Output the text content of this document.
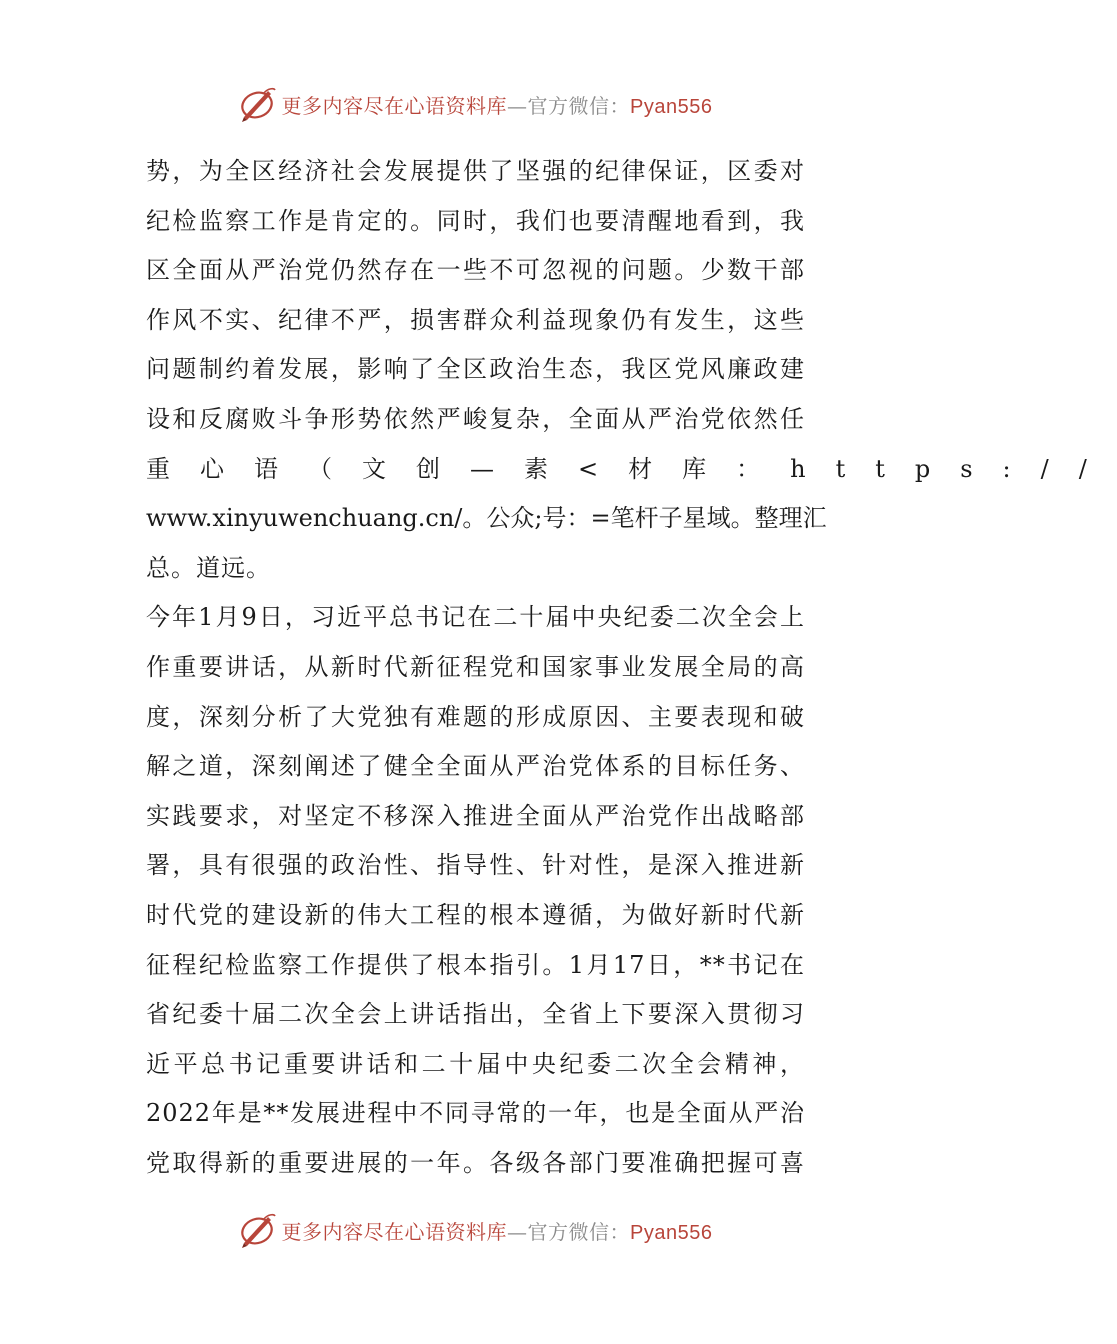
更多内容尽在心语资料库—官方微信：Pyan556
势，为全区经济社会发展提供了坚强的纪律保证，区委对
纪检监察工作是肯定的。同时，我们也要清醒地看到，我
区全面从严治党仍然存在一些不可忽视的问题。少数干部
作风不实、纪律不严，损害群众利益现象仍有发生，这些
问题制约着发展，影响了全区政治生态，我区党风廉政建
设和反腐败斗争形势依然严峻复杂，全面从严治党依然任
重心语（文创—素<材库：https://
www.xinyuwenchuang.cn/。公众;号：=笔杆子星域。整理汇
总。道远。
今年1月9日，习近平总书记在二十届中央纪委二次全会上
作重要讲话，从新时代新征程党和国家事业发展全局的高
度，深刻分析了大党独有难题的形成原因、主要表现和破
解之道，深刻阐述了健全全面从严治党体系的目标任务、
实践要求，对坚定不移深入推进全面从严治党作出战略部
署，具有很强的政治性、指导性、针对性，是深入推进新
时代党的建设新的伟大工程的根本遵循，为做好新时代新
征程纪检监察工作提供了根本指引。1月17日，**书记在
省纪委十届二次全会上讲话指出，全省上下要深入贯彻习
近平总书记重要讲话和二十届中央纪委二次全会精神，
2022年是**发展进程中不同寻常的一年，也是全面从严治
党取得新的重要进展的一年。各级各部门要准确把握可喜
更多内容尽在心语资料库—官方微信：Pyan556
